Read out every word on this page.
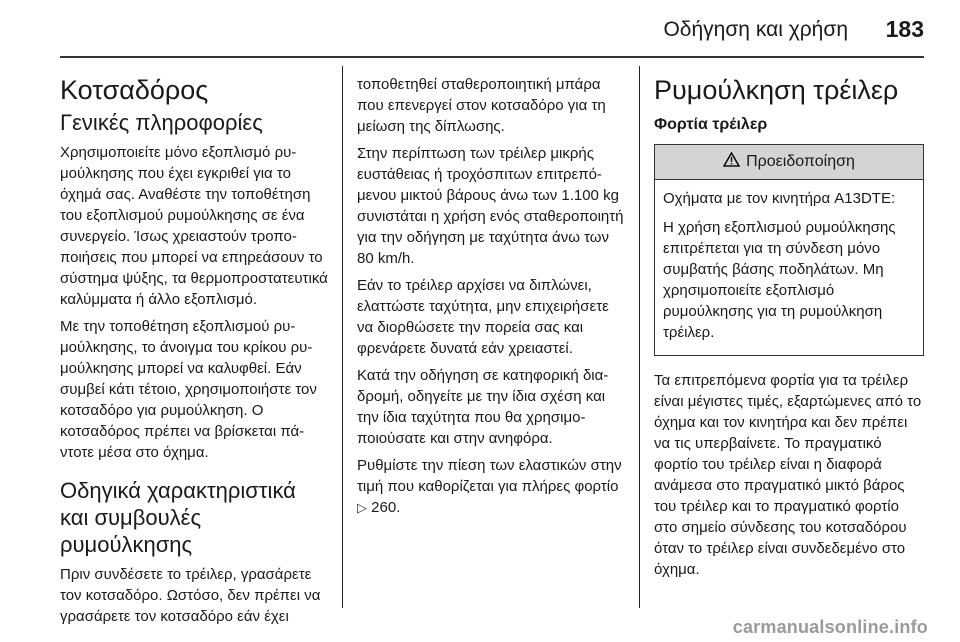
Οδήγηση και χρήση 183
Κοτσαδόρος
Γενικές πληροφορίες

Χρησιμοποιείτε μόνο εξοπλισμό ρυμούλκησης που έχει εγκριθεί για το όχημά σας. Αναθέστε την τοποθέτηση του εξοπλισμού ρυμούλκησης σε ένα συνεργείο. Ίσως χρειαστούν τροποποιήσεις που μπορεί να επηρεάσουν το σύστημα ψύξης, τα θερμοπροστατευτικά καλύμματα ή άλλο εξοπλισμό.

Με την τοποθέτηση εξοπλισμού ρυμούλκησης, το άνοιγμα του κρίκου ρυμούλκησης μπορεί να καλυφθεί. Εάν συμβεί κάτι τέτοιο, χρησιμοποιήστε τον κοτσαδόρο για ρυμούλκηση. Ο κοτσαδόρος πρέπει να βρίσκεται πάντοτε μέσα στο όχημα.

Οδηγικά χαρακτηριστικά και συμβουλές ρυμούλκησης

Πριν συνδέσετε το τρέιλερ, γρασάρετε τον κοτσαδόρο. Ωστόσο, δεν πρέπει να γρασάρετε τον κοτσαδόρο εάν έχει

τοποθετηθεί σταθεροποιητική μπάρα που επενεργεί στον κοτσαδόρο για τη μείωση της δίπλωσης.

Στην περίπτωση των τρέιλερ μικρής ευστάθειας ή τροχόσπιτων επιτρεπόμενου μικτού βάρους άνω των 1.100 kg συνιστάται η χρήση ενός σταθεροποιητή για την οδήγηση με ταχύτητα άνω των 80 km/h.

Εάν το τρέιλερ αρχίσει να διπλώνει, ελαττώστε ταχύτητα, μην επιχειρήσετε να διορθώσετε την πορεία σας και φρενάρετε δυνατά εάν χρειαστεί.

Κατά την οδήγηση σε κατηφορική διαδρομή, οδηγείτε με την ίδια σχέση και την ίδια ταχύτητα που θα χρησιμοποιούσατε και στην ανηφόρα.

Ρυθμίστε την πίεση των ελαστικών στην τιμή που καθορίζεται για πλήρες φορτίο ▷ 260.

Ρυμούλκηση τρέιλερ
Φορτία τρέιλερ
Προειδοποίηση

Οχήματα με τον κινητήρα A13DTE:

Η χρήση εξοπλισμού ρυμούλκησης επιτρέπεται για τη σύνδεση μόνο συμβατής βάσης ποδηλάτων. Μη χρησιμοποιείτε εξοπλισμό ρυμούλκησης για τη ρυμούλκηση τρέιλερ.

Τα επιτρεπόμενα φορτία για τα τρέιλερ είναι μέγιστες τιμές, εξαρτώμενες από το όχημα και τον κινητήρα και δεν πρέπει να τις υπερβαίνετε. Το πραγματικό φορτίο του τρέιλερ είναι η διαφορά ανάμεσα στο πραγματικό μικτό βάρος του τρέιλερ και το πραγματικό φορτίο στο σημείο σύνδεσης του κοτσαδόρου όταν το τρέιλερ είναι συνδεδεμένο στο όχημα.

carmanualsonline.info
